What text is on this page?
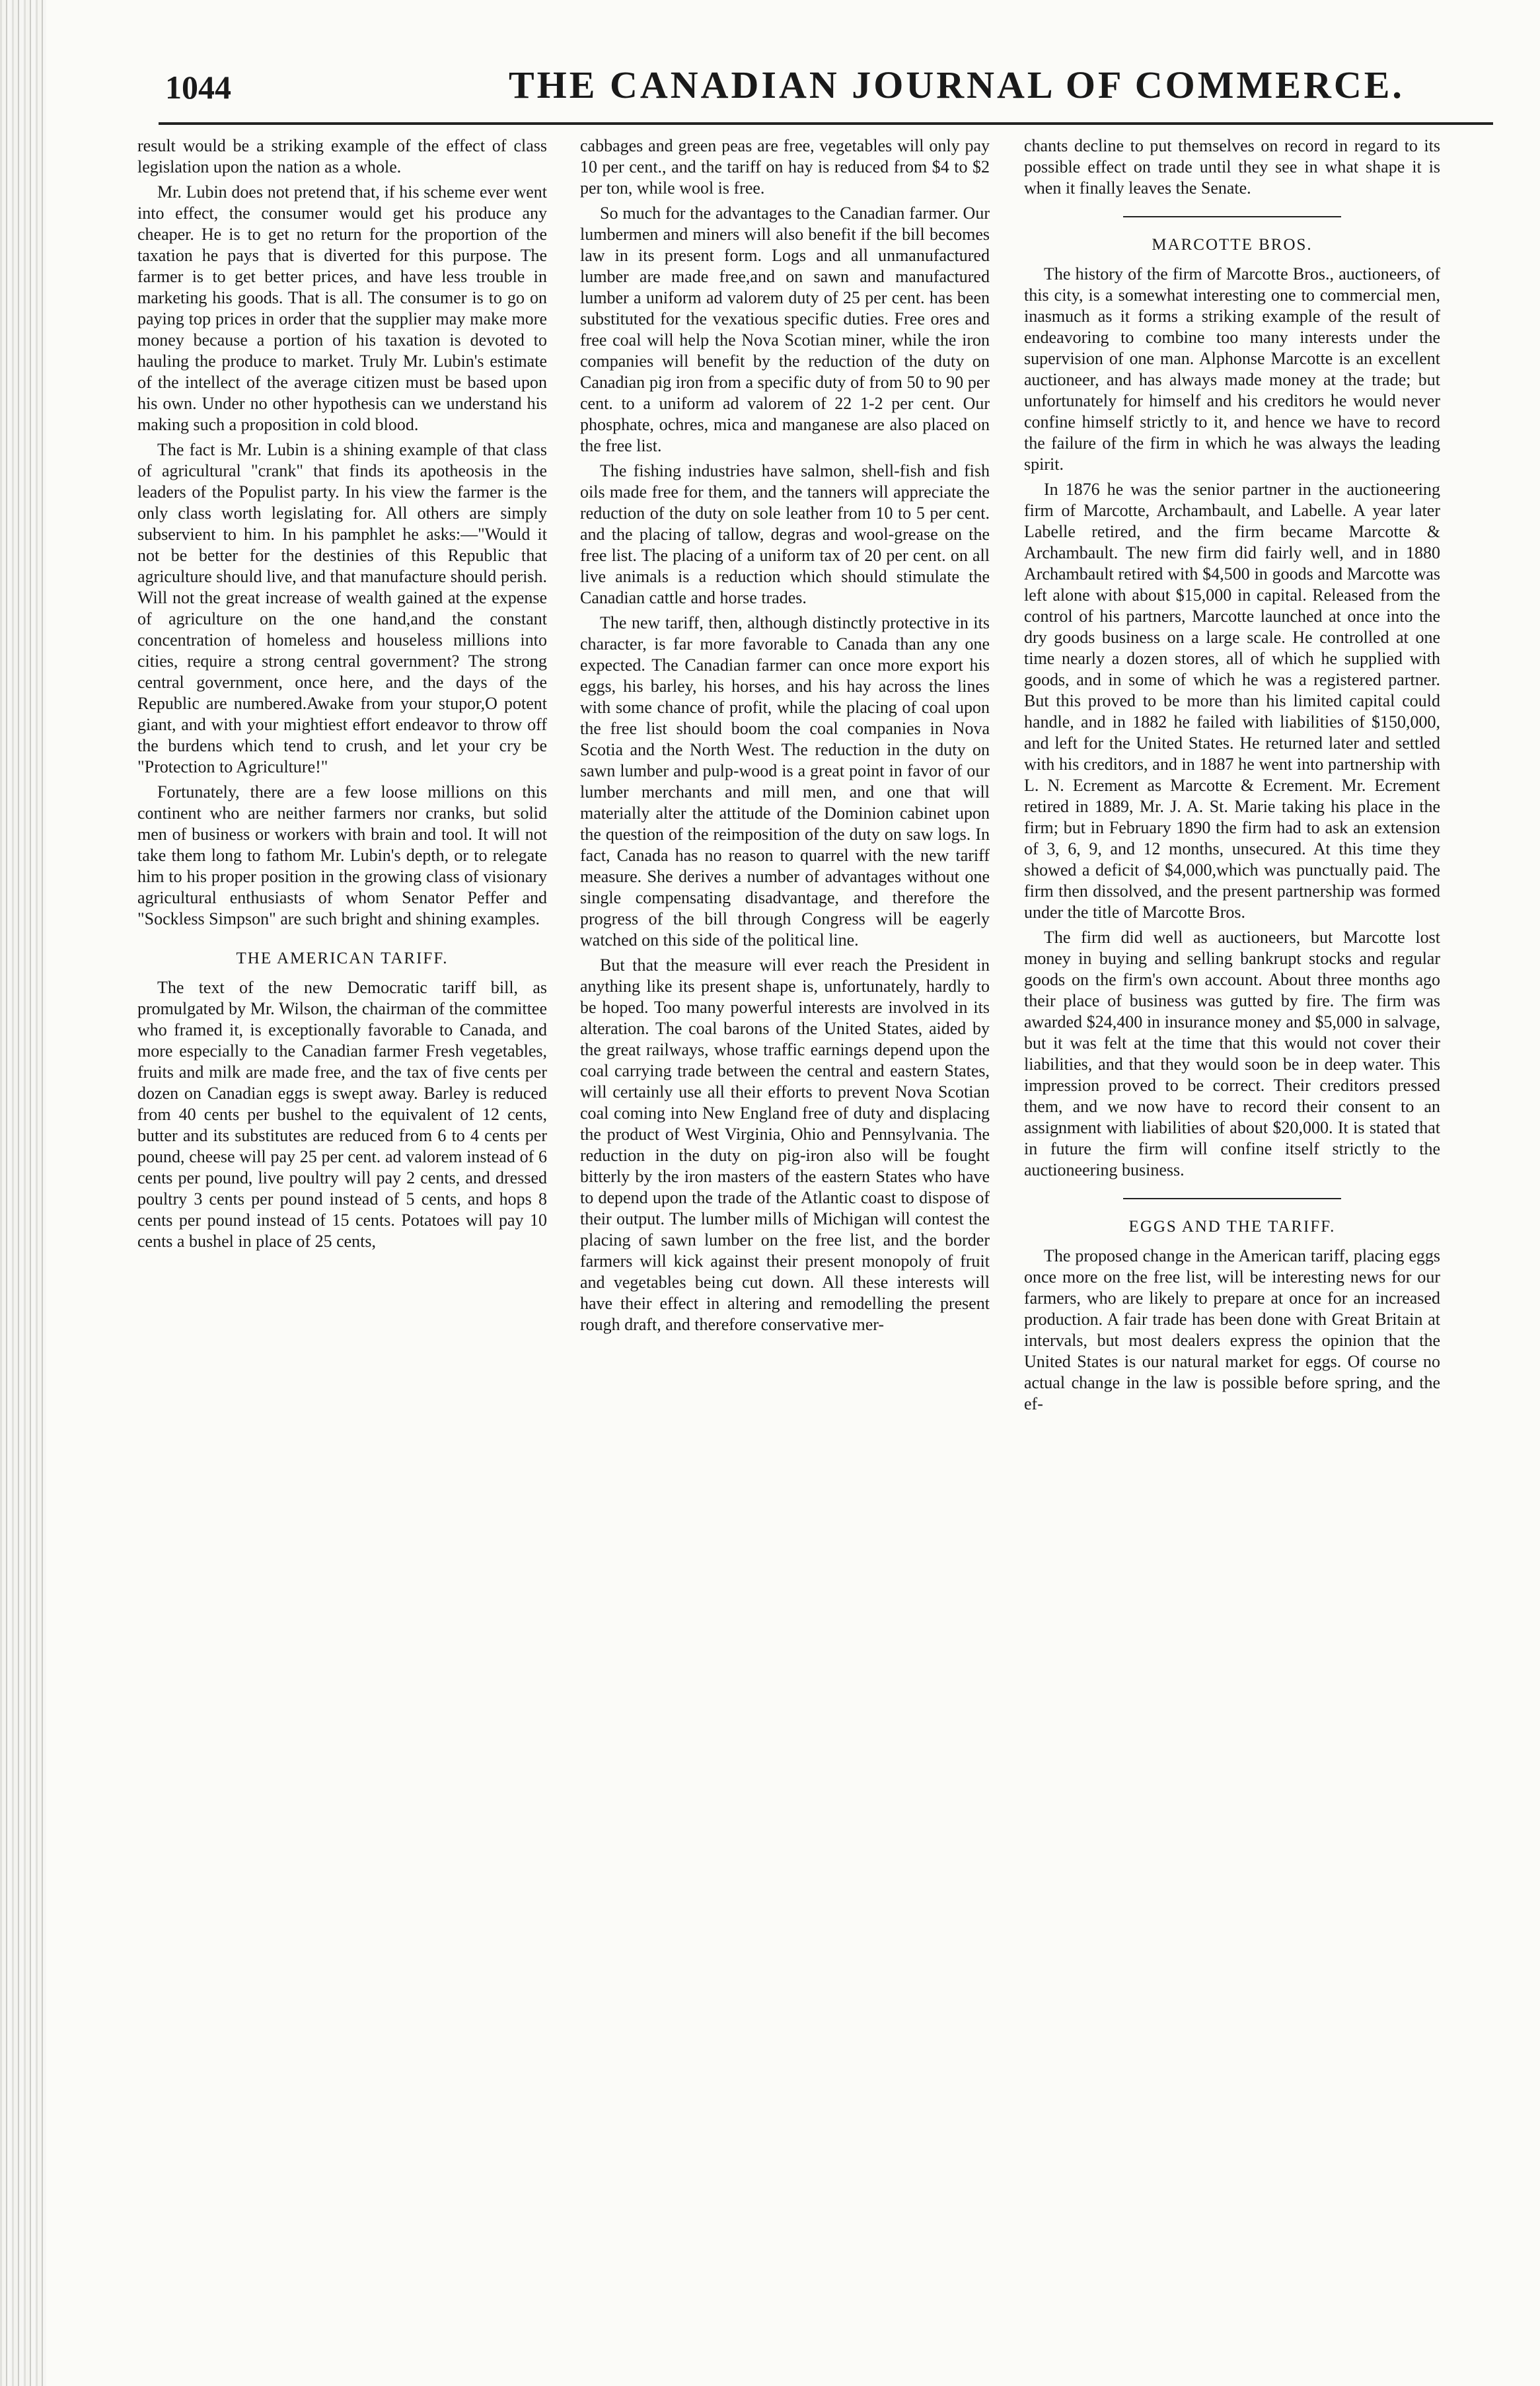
1044	THE CANADIAN JOURNAL OF COMMERCE.

result would be a striking example of the effect of class legislation upon the nation as a whole.

Mr. Lubin does not pretend that, if his scheme ever went into effect, the consumer would get his produce any cheaper. He is to get no return for the proportion of the taxation he pays that is diverted for this purpose. The farmer is to get better prices, and have less trouble in marketing his goods. That is all. The consumer is to go on paying top prices in order that the supplier may make more money because a portion of his taxation is devoted to hauling the produce to market. Truly Mr. Lubin's estimate of the intellect of the average citizen must be based upon his own. Under no other hypothesis can we understand his making such a proposition in cold blood.

The fact is Mr. Lubin is a shining example of that class of agricultural "crank" that finds its apotheosis in the leaders of the Populist party. In his view the farmer is the only class worth legislating for. All others are simply subservient to him. In his pamphlet he asks:—"Would it not be better for the destinies of this Republic that agriculture should live, and that manufacture should perish. Will not the great increase of wealth gained at the expense of agriculture on the one hand,and the constant concentration of homeless and houseless millions into cities, require a strong central government? The strong central government, once here, and the days of the Republic are numbered.Awake from your stupor,O potent giant, and with your mightiest effort endeavor to throw off the burdens which tend to crush, and let your cry be "Protection to Agriculture!"

Fortunately, there are a few loose millions on this continent who are neither farmers nor cranks, but solid men of business or workers with brain and tool. It will not take them long to fathom Mr. Lubin's depth, or to relegate him to his proper position in the growing class of visionary agricultural enthusiasts of whom Senator Peffer and "Sockless Simpson" are such bright and shining examples.

THE AMERICAN TARIFF.

The text of the new Democratic tariff bill, as promulgated by Mr. Wilson, the chairman of the committee who framed it, is exceptionally favorable to Canada, and more especially to the Canadian farmer Fresh vegetables, fruits and milk are made free, and the tax of five cents per dozen on Canadian eggs is swept away. Barley is reduced from 40 cents per bushel to the equivalent of 12 cents, butter and its substitutes are reduced from 6 to 4 cents per pound, cheese will pay 25 per cent. ad valorem instead of 6 cents per pound, live poultry will pay 2 cents, and dressed poultry 3 cents per pound instead of 5 cents, and hops 8 cents per pound instead of 15 cents. Potatoes will pay 10 cents a bushel in place of 25 cents,

cabbages and green peas are free, vegetables will only pay 10 per cent., and the tariff on hay is reduced from $4 to $2 per ton, while wool is free.

So much for the advantages to the Canadian farmer. Our lumbermen and miners will also benefit if the bill becomes law in its present form. Logs and all unmanufactured lumber are made free,and on sawn and manufactured lumber a uniform ad valorem duty of 25 per cent. has been substituted for the vexatious specific duties. Free ores and free coal will help the Nova Scotian miner, while the iron companies will benefit by the reduction of the duty on Canadian pig iron from a specific duty of from 50 to 90 per cent. to a uniform ad valorem of 22 1-2 per cent. Our phosphate, ochres, mica and manganese are also placed on the free list.

The fishing industries have salmon, shell-fish and fish oils made free for them, and the tanners will appreciate the reduction of the duty on sole leather from 10 to 5 per cent. and the placing of tallow, degras and wool-grease on the free list. The placing of a uniform tax of 20 per cent. on all live animals is a reduction which should stimulate the Canadian cattle and horse trades.

The new tariff, then, although distinctly protective in its character, is far more favorable to Canada than any one expected. The Canadian farmer can once more export his eggs, his barley, his horses, and his hay across the lines with some chance of profit, while the placing of coal upon the free list should boom the coal companies in Nova Scotia and the North West. The reduction in the duty on sawn lumber and pulp-wood is a great point in favor of our lumber merchants and mill men, and one that will materially alter the attitude of the Dominion cabinet upon the question of the reimposition of the duty on saw logs. In fact, Canada has no reason to quarrel with the new tariff measure. She derives a number of advantages without one single compensating disadvantage, and therefore the progress of the bill through Congress will be eagerly watched on this side of the political line.

But that the measure will ever reach the President in anything like its present shape is, unfortunately, hardly to be hoped. Too many powerful interests are involved in its alteration. The coal barons of the United States, aided by the great railways, whose traffic earnings depend upon the coal carrying trade between the central and eastern States, will certainly use all their efforts to prevent Nova Scotian coal coming into New England free of duty and displacing the product of West Virginia, Ohio and Pennsylvania. The reduction in the duty on pig-iron also will be fought bitterly by the iron masters of the eastern States who have to depend upon the trade of the Atlantic coast to dispose of their output. The lumber mills of Michigan will contest the placing of sawn lumber on the free list, and the border farmers will kick against their present monopoly of fruit and vegetables being cut down. All these interests will have their effect in altering and remodelling the present rough draft, and therefore conservative mer-

chants decline to put themselves on record in regard to its possible effect on trade until they see in what shape it is when it finally leaves the Senate.

MARCOTTE BROS.

The history of the firm of Marcotte Bros., auctioneers, of this city, is a somewhat interesting one to commercial men, inasmuch as it forms a striking example of the result of endeavoring to combine too many interests under the supervision of one man. Alphonse Marcotte is an excellent auctioneer, and has always made money at the trade; but unfortunately for himself and his creditors he would never confine himself strictly to it, and hence we have to record the failure of the firm in which he was always the leading spirit.

In 1876 he was the senior partner in the auctioneering firm of Marcotte, Archambault, and Labelle. A year later Labelle retired, and the firm became Marcotte & Archambault. The new firm did fairly well, and in 1880 Archambault retired with $4,500 in goods and Marcotte was left alone with about $15,000 in capital. Released from the control of his partners, Marcotte launched at once into the dry goods business on a large scale. He controlled at one time nearly a dozen stores, all of which he supplied with goods, and in some of which he was a registered partner. But this proved to be more than his limited capital could handle, and in 1882 he failed with liabilities of $150,000, and left for the United States. He returned later and settled with his creditors, and in 1887 he went into partnership with L. N. Ecrement as Marcotte & Ecrement. Mr. Ecrement retired in 1889, Mr. J. A. St. Marie taking his place in the firm; but in February 1890 the firm had to ask an extension of 3, 6, 9, and 12 months, unsecured. At this time they showed a deficit of $4,000,which was punctually paid. The firm then dissolved, and the present partnership was formed under the title of Marcotte Bros.

The firm did well as auctioneers, but Marcotte lost money in buying and selling bankrupt stocks and regular goods on the firm's own account. About three months ago their place of business was gutted by fire. The firm was awarded $24,400 in insurance money and $5,000 in salvage, but it was felt at the time that this would not cover their liabilities, and that they would soon be in deep water. This impression proved to be correct. Their creditors pressed them, and we now have to record their consent to an assignment with liabilities of about $20,000. It is stated that in future the firm will confine itself strictly to the auctioneering business.

EGGS AND THE TARIFF.

The proposed change in the American tariff, placing eggs once more on the free list, will be interesting news for our farmers, who are likely to prepare at once for an increased production. A fair trade has been done with Great Britain at intervals, but most dealers express the opinion that the United States is our natural market for eggs. Of course no actual change in the law is possible before spring, and the ef-
